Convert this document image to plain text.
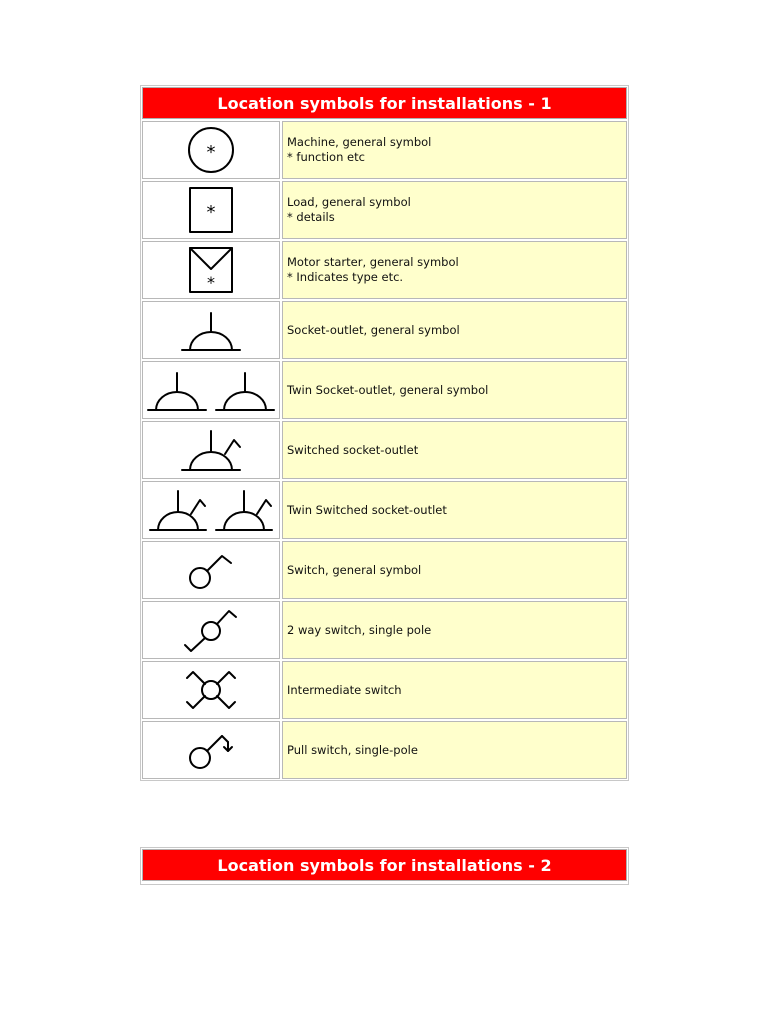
Location symbols for installations - 1
*	Machine, general symbol
* function etc
*	Load, general symbol
* details
*
Motor starter, general symbol
* Indicates type etc.
Socket-outlet, general symbol
Twin Socket-outlet, general symbol
Switched socket-outlet
Twin Switched socket-outlet
Switch, general symbol
2 way switch, single pole
Intermediate switch
Pull switch, single-pole
Location symbols for installations - 2
